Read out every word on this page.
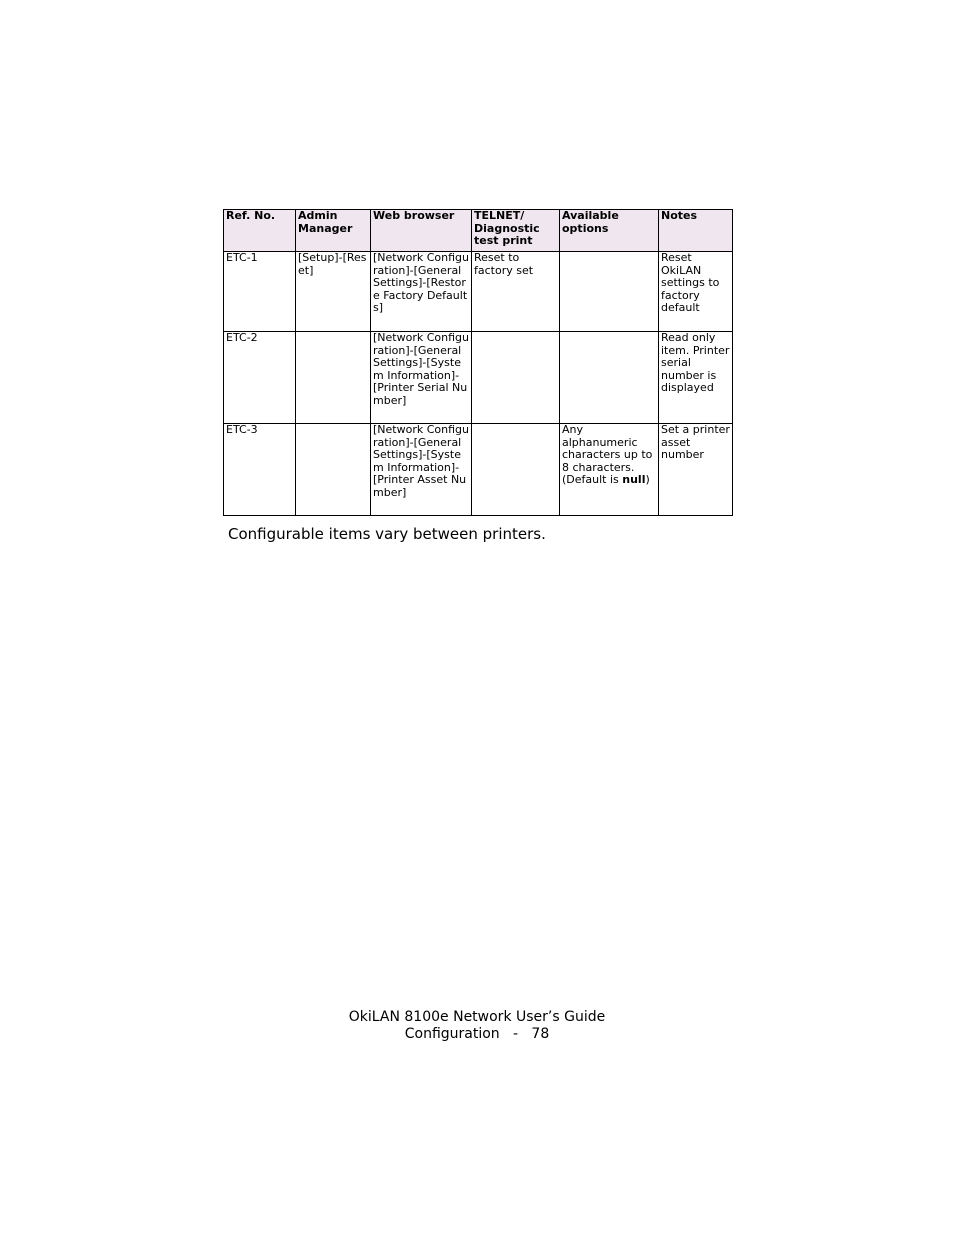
Ref. No.	Admin Manager	Web browser	TELNET/ Diagnostic test print	Available options	Notes
ETC-1	[Setup]-[Reset]	[Network Configuration]-[General Settings]-[Restore Factory Defaults]	Reset to factory set		Reset OkiLAN settings to factory default
ETC-2		[Network Configuration]-[General Settings]-[System Information]-[Printer Serial Number]			Read only item. Printer serial number is displayed
ETC-3		[Network Configuration]-[General Settings]-[System Information]-[Printer Asset Number]		Any alphanumeric characters up to 8 characters. (Default is null)	Set a printer asset number
Configurable items vary between printers.
OkiLAN 8100e Network User’s Guide
Configuration   -   78
